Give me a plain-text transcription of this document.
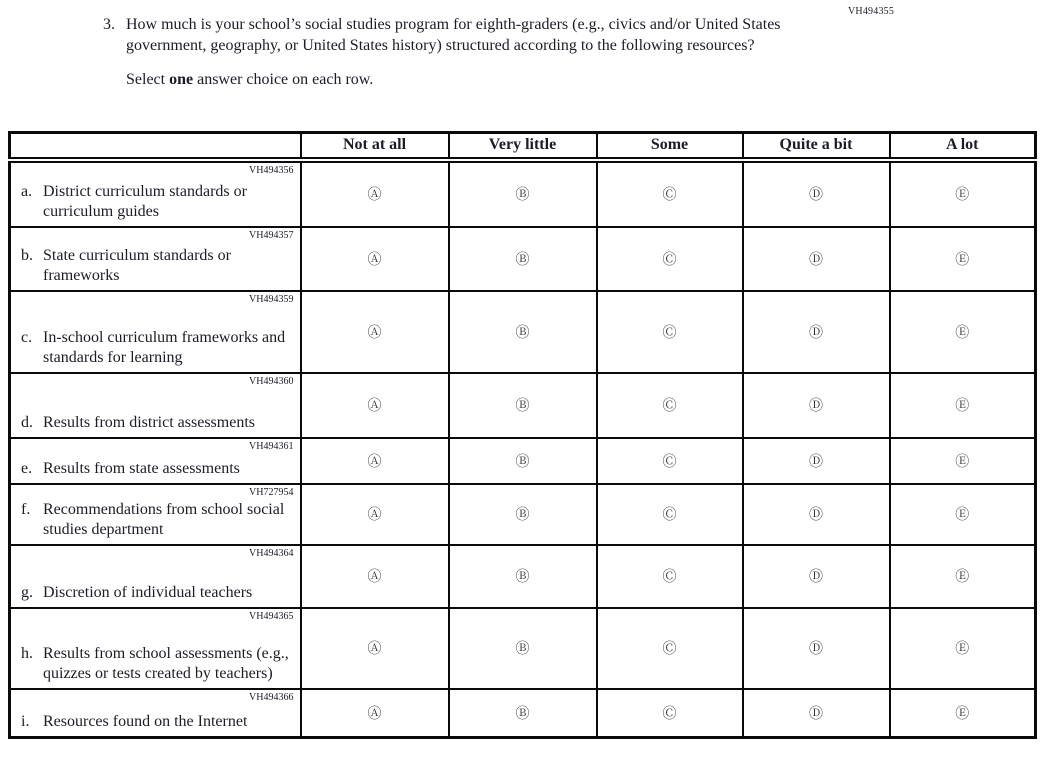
VH494355
3. How much is your school’s social studies program for eighth-graders (e.g., civics and/or United States government, geography, or United States history) structured according to the following resources?
Select one answer choice on each row.
	Not at all	Very little	Some	Quite a bit	A lot

VH494356
a. District curriculum standards or curriculum guides	Ⓐ	Ⓑ	Ⓒ	Ⓓ	Ⓔ

VH494357
b. State curriculum standards or frameworks	Ⓐ	Ⓑ	Ⓒ	Ⓓ	Ⓔ

VH494359
c. In-school curriculum frameworks and standards for learning	Ⓐ	Ⓑ	Ⓒ	Ⓓ	Ⓔ

VH494360
d. Results from district assessments	Ⓐ	Ⓑ	Ⓒ	Ⓓ	Ⓔ

VH494361
e. Results from state assessments	Ⓐ	Ⓑ	Ⓒ	Ⓓ	Ⓔ

VH727954
f. Recommendations from school social studies department	Ⓐ	Ⓑ	Ⓒ	Ⓓ	Ⓔ

VH494364
g. Discretion of individual teachers	Ⓐ	Ⓑ	Ⓒ	Ⓓ	Ⓔ

VH494365
h. Results from school assessments (e.g., quizzes or tests created by teachers)	Ⓐ	Ⓑ	Ⓒ	Ⓓ	Ⓔ

VH494366
i. Resources found on the Internet	Ⓐ	Ⓑ	Ⓒ	Ⓓ	Ⓔ
